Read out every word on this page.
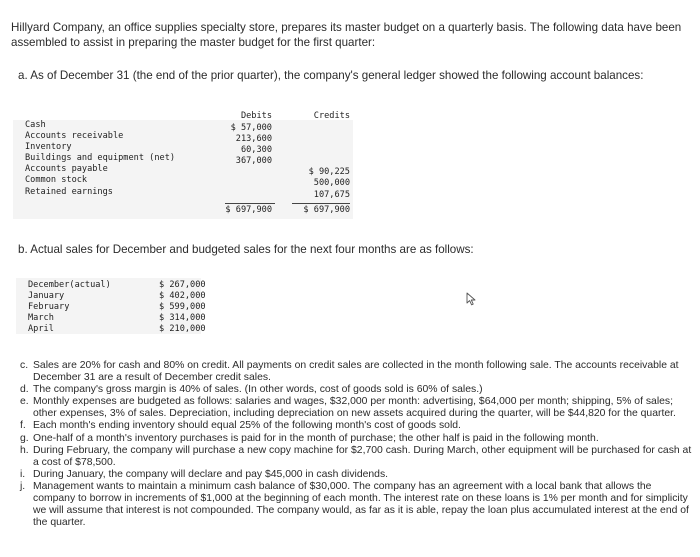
Hillyard Company, an office supplies specialty store, prepares its master budget on a quarterly basis. The following data have been assembled to assist in preparing the master budget for the first quarter:
a. As of December 31 (the end of the prior quarter), the company's general ledger showed the following account balances:
Cash
Accounts receivable
Inventory
Buildings and equipment (net)
Accounts payable
Common stock
Retained earnings
Debits
$ 57,000
213,600
60,300
367,000
Credits
$ 90,225
500,000
107,675
$ 697,900	$ 697,900
b. Actual sales for December and budgeted sales for the next four months are as follows:
December(actual)
January
February
March
April
$ 267,000
$ 402,000
$ 599,000
$ 314,000
$ 210,000
c. Sales are 20% for cash and 80% on credit. All payments on credit sales are collected in the month following sale. The accounts receivable at December 31 are a result of December credit sales.
d. The company's gross margin is 40% of sales. (In other words, cost of goods sold is 60% of sales.)
e. Monthly expenses are budgeted as follows: salaries and wages, $32,000 per month: advertising, $64,000 per month; shipping, 5% of sales; other expenses, 3% of sales. Depreciation, including depreciation on new assets acquired during the quarter, will be $44,820 for the quarter.
f. Each month's ending inventory should equal 25% of the following month's cost of goods sold.
g. One-half of a month's inventory purchases is paid for in the month of purchase; the other half is paid in the following month.
h. During February, the company will purchase a new copy machine for $2,700 cash. During March, other equipment will be purchased for cash at a cost of $78,500.
i. During January, the company will declare and pay $45,000 in cash dividends.
j. Management wants to maintain a minimum cash balance of $30,000. The company has an agreement with a local bank that allows the company to borrow in increments of $1,000 at the beginning of each month. The interest rate on these loans is 1% per month and for simplicity we will assume that interest is not compounded. The company would, as far as it is able, repay the loan plus accumulated interest at the end of the quarter.
